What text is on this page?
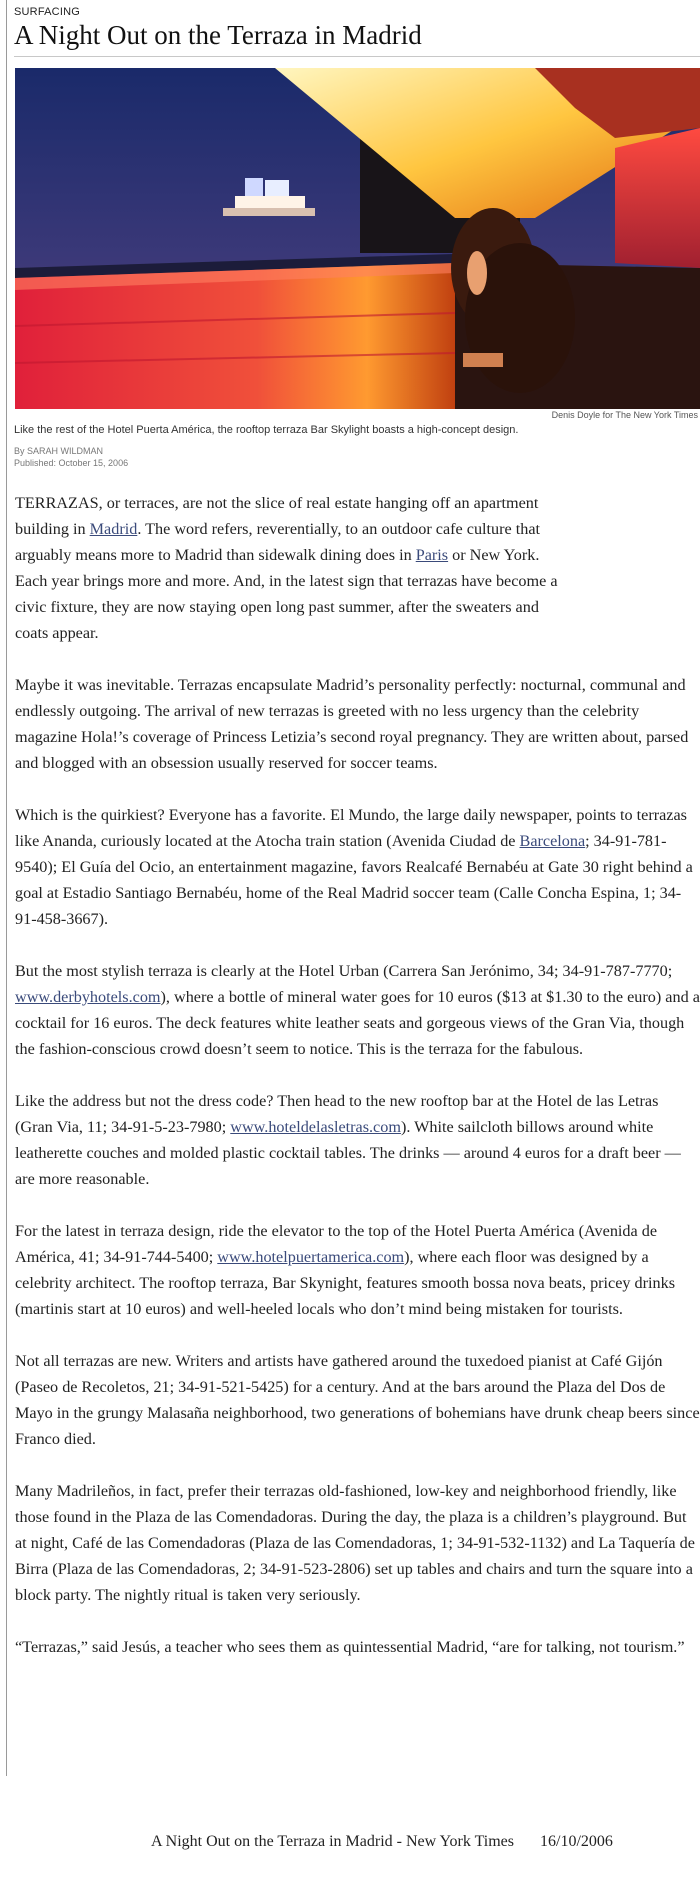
SURFACING
A Night Out on the Terraza in Madrid
Denis Doyle for The New York Times
Like the rest of the Hotel Puerta América, the rooftop terraza Bar Skylight boasts a high-concept design.
By SARAH WILDMAN
Published: October 15, 2006

TERRAZAS, or terraces, are not the slice of real estate hanging off an apartment building in Madrid. The word refers, reverentially, to an outdoor cafe culture that arguably means more to Madrid than sidewalk dining does in Paris or New York. Each year brings more and more. And, in the latest sign that terrazas have become a civic fixture, they are now staying open long past summer, after the sweaters and coats appear.

Maybe it was inevitable. Terrazas encapsulate Madrid’s personality perfectly: nocturnal, communal and endlessly outgoing. The arrival of new terrazas is greeted with no less urgency than the celebrity magazine Hola!’s coverage of Princess Letizia’s second royal pregnancy. They are written about, parsed and blogged with an obsession usually reserved for soccer teams.

Which is the quirkiest? Everyone has a favorite. El Mundo, the large daily newspaper, points to terrazas like Ananda, curiously located at the Atocha train station (Avenida Ciudad de Barcelona; 34-91-781-9540); El Guía del Ocio, an entertainment magazine, favors Realcafé Bernabéu at Gate 30 right behind a goal at Estadio Santiago Bernabéu, home of the Real Madrid soccer team (Calle Concha Espina, 1; 34-91-458-3667).

But the most stylish terraza is clearly at the Hotel Urban (Carrera San Jerónimo, 34; 34-91-787-7770; www.derbyhotels.com), where a bottle of mineral water goes for 10 euros ($13 at $1.30 to the euro) and a cocktail for 16 euros. The deck features white leather seats and gorgeous views of the Gran Via, though the fashion-conscious crowd doesn’t seem to notice. This is the terraza for the fabulous.

Like the address but not the dress code? Then head to the new rooftop bar at the Hotel de las Letras (Gran Via, 11; 34-91-5-23-7980; www.hoteldelasletras.com). White sailcloth billows around white leatherette couches and molded plastic cocktail tables. The drinks — around 4 euros for a draft beer — are more reasonable.

For the latest in terraza design, ride the elevator to the top of the Hotel Puerta América (Avenida de América, 41; 34-91-744-5400; www.hotelpuertamerica.com), where each floor was designed by a celebrity architect. The rooftop terraza, Bar Skynight, features smooth bossa nova beats, pricey drinks (martinis start at 10 euros) and well-heeled locals who don’t mind being mistaken for tourists.

Not all terrazas are new. Writers and artists have gathered around the tuxedoed pianist at Café Gijón (Paseo de Recoletos, 21; 34-91-521-5425) for a century. And at the bars around the Plaza del Dos de Mayo in the grungy Malasaña neighborhood, two generations of bohemians have drunk cheap beers since Franco died.

Many Madrileños, in fact, prefer their terrazas old-fashioned, low-key and neighborhood friendly, like those found in the Plaza de las Comendadoras. During the day, the plaza is a children’s playground. But at night, Café de las Comendadoras (Plaza de las Comendadoras, 1; 34-91-532-1132) and La Taquería de Birra (Plaza de las Comendadoras, 2; 34-91-523-2806) set up tables and chairs and turn the square into a block party. The nightly ritual is taken very seriously.

“Terrazas,” said Jesús, a teacher who sees them as quintessential Madrid, “are for talking, not tourism.”

A Night Out on the Terraza in Madrid - New York Times 16/10/2006
